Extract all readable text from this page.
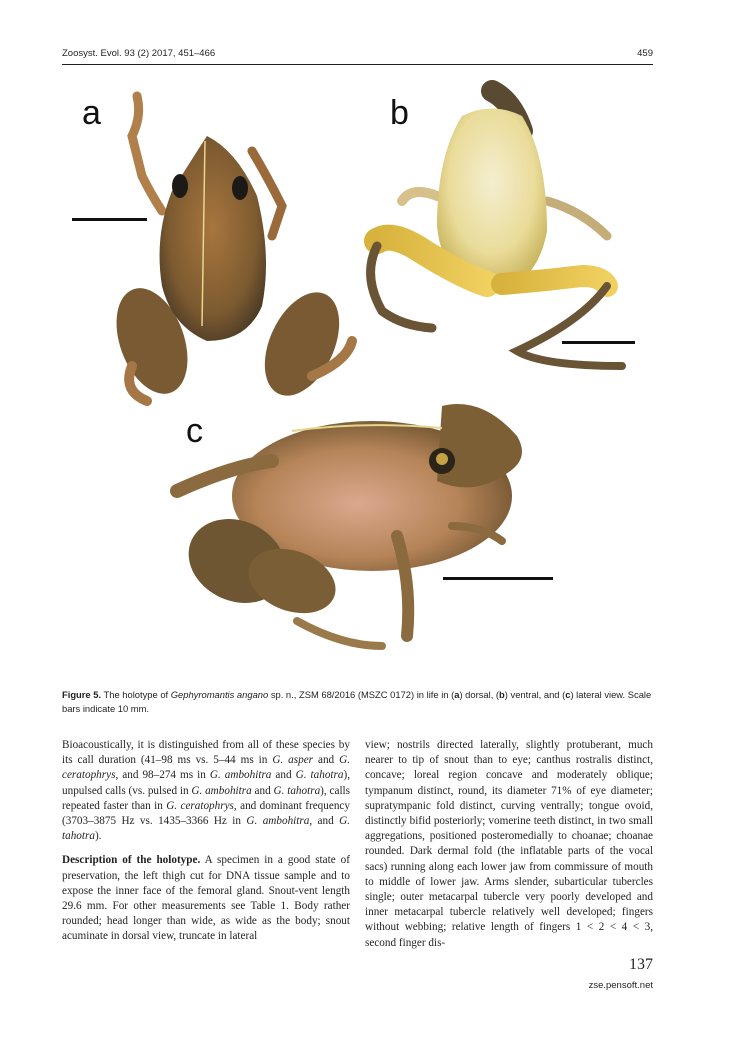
Zoosyst. Evol. 93 (2) 2017, 451–466	459
a	b
c
Figure 5. The holotype of Gephyromantis angano sp. n., ZSM 68/2016 (MSZC 0172) in life in (a) dorsal, (b) ventral, and (c) lateral view. Scale bars indicate 10 mm.

Bioacoustically, it is distinguished from all of these species by its call duration (41–98 ms vs. 5–44 ms in G. asper and G. ceratophrys, and 98–274 ms in G. ambohitra and G. tahotra), unpulsed calls (vs. pulsed in G. ambohitra and G. tahotra), calls repeated faster than in G. ceratophrys, and dominant frequency (3703–3875 Hz vs. 1435–3366 Hz in G. ambohitra, and G. tahotra).

Description of the holotype. A specimen in a good state of preservation, the left thigh cut for DNA tissue sample and to expose the inner face of the femoral gland. Snout-vent length 29.6 mm. For other measurements see Table 1. Body rather rounded; head longer than wide, as wide as the body; snout acuminate in dorsal view, truncate in lateral

view; nostrils directed laterally, slightly protuberant, much nearer to tip of snout than to eye; canthus rostralis distinct, concave; loreal region concave and moderately oblique; tympanum distinct, round, its diameter 71% of eye diameter; supratympanic fold distinct, curving ventrally; tongue ovoid, distinctly bifid posteriorly; vomerine teeth distinct, in two small aggregations, positioned posteromedially to choanae; choanae rounded. Dark dermal fold (the inflatable parts of the vocal sacs) running along each lower jaw from commissure of mouth to middle of lower jaw. Arms slender, subarticular tubercles single; outer metacarpal tubercle very poorly developed and inner metacarpal tubercle relatively well developed; fingers without webbing; relative length of fingers 1 < 2 < 4 < 3, second finger dis-

137
zse.pensoft.net
